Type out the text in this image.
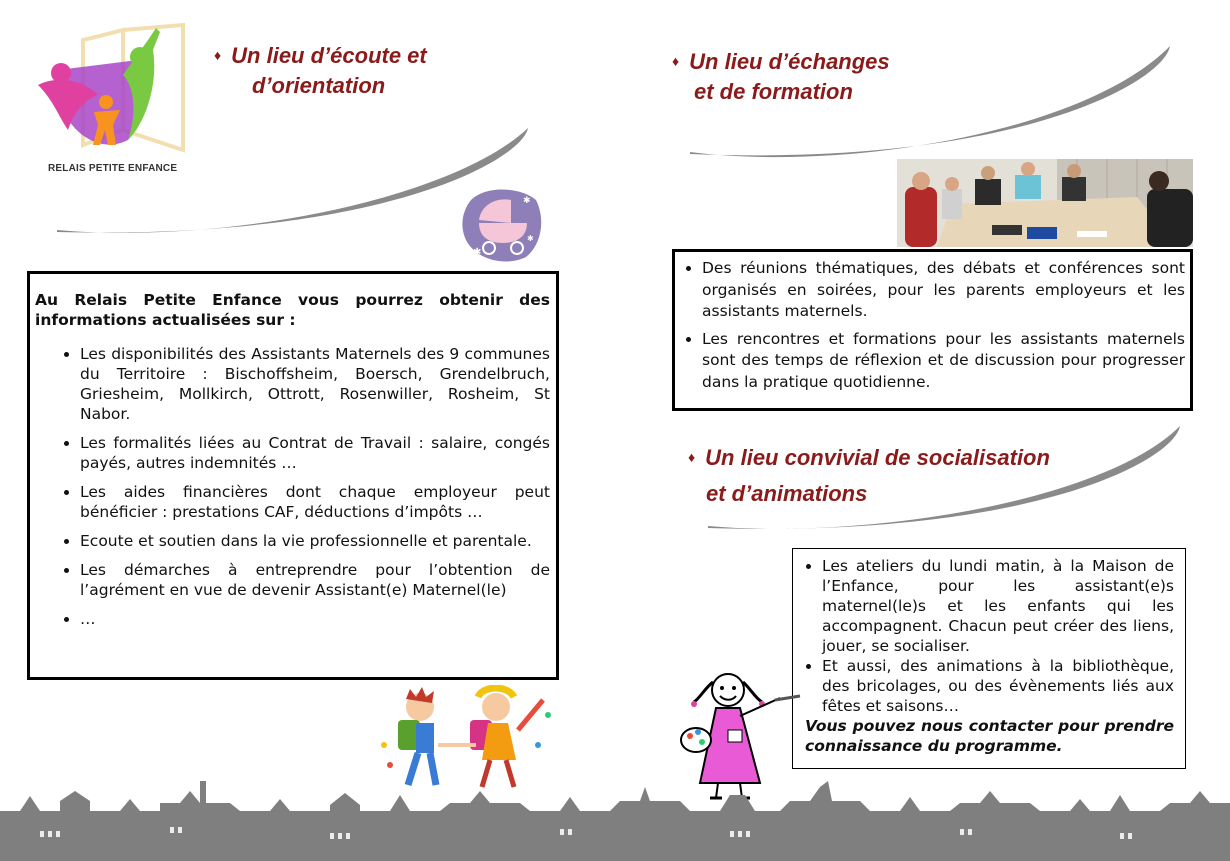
RELAIS PETITE ENFANCE
♦ Un lieu d’écoute et
d’orientation
✱
✱
✱
Au Relais Petite Enfance vous pourrez obtenir des informations actualisées sur :
• Les disponibilités des Assistants Maternels des 9 communes du Territoire : Bischoffsheim, Boersch, Grendelbruch, Griesheim, Mollkirch, Ottrott, Rosenwiller, Rosheim, St Nabor.
• Les formalités liées au Contrat de Travail : salaire, congés payés, autres indemnités …
• Les aides financières dont chaque employeur peut bénéficier : prestations CAF, déductions d’impôts …
• Ecoute et soutien dans la vie professionnelle et parentale.
• Les démarches à entreprendre pour l’obtention de l’agrément en vue de devenir Assistant(e) Maternel(le)
• …
♦ Un lieu d’échanges
et de formation
• Des réunions thématiques, des débats et conférences sont organisés en soirées, pour les parents employeurs et les assistants maternels.
• Les rencontres et formations pour les assistants maternels sont des temps de réflexion et de discussion pour progresser dans la pratique quotidienne.
♦ Un lieu convivial de socialisation
et d’animations
• Les ateliers du lundi matin, à la Maison de l’Enfance, pour les assistant(e)s maternel(le)s et les enfants qui les accompagnent. Chacun peut créer des liens, jouer, se socialiser.
• Et aussi, des animations à la bibliothèque, des bricolages, ou des évènements liés aux fêtes et saisons…
Vous pouvez nous contacter pour prendre connaissance du programme.
